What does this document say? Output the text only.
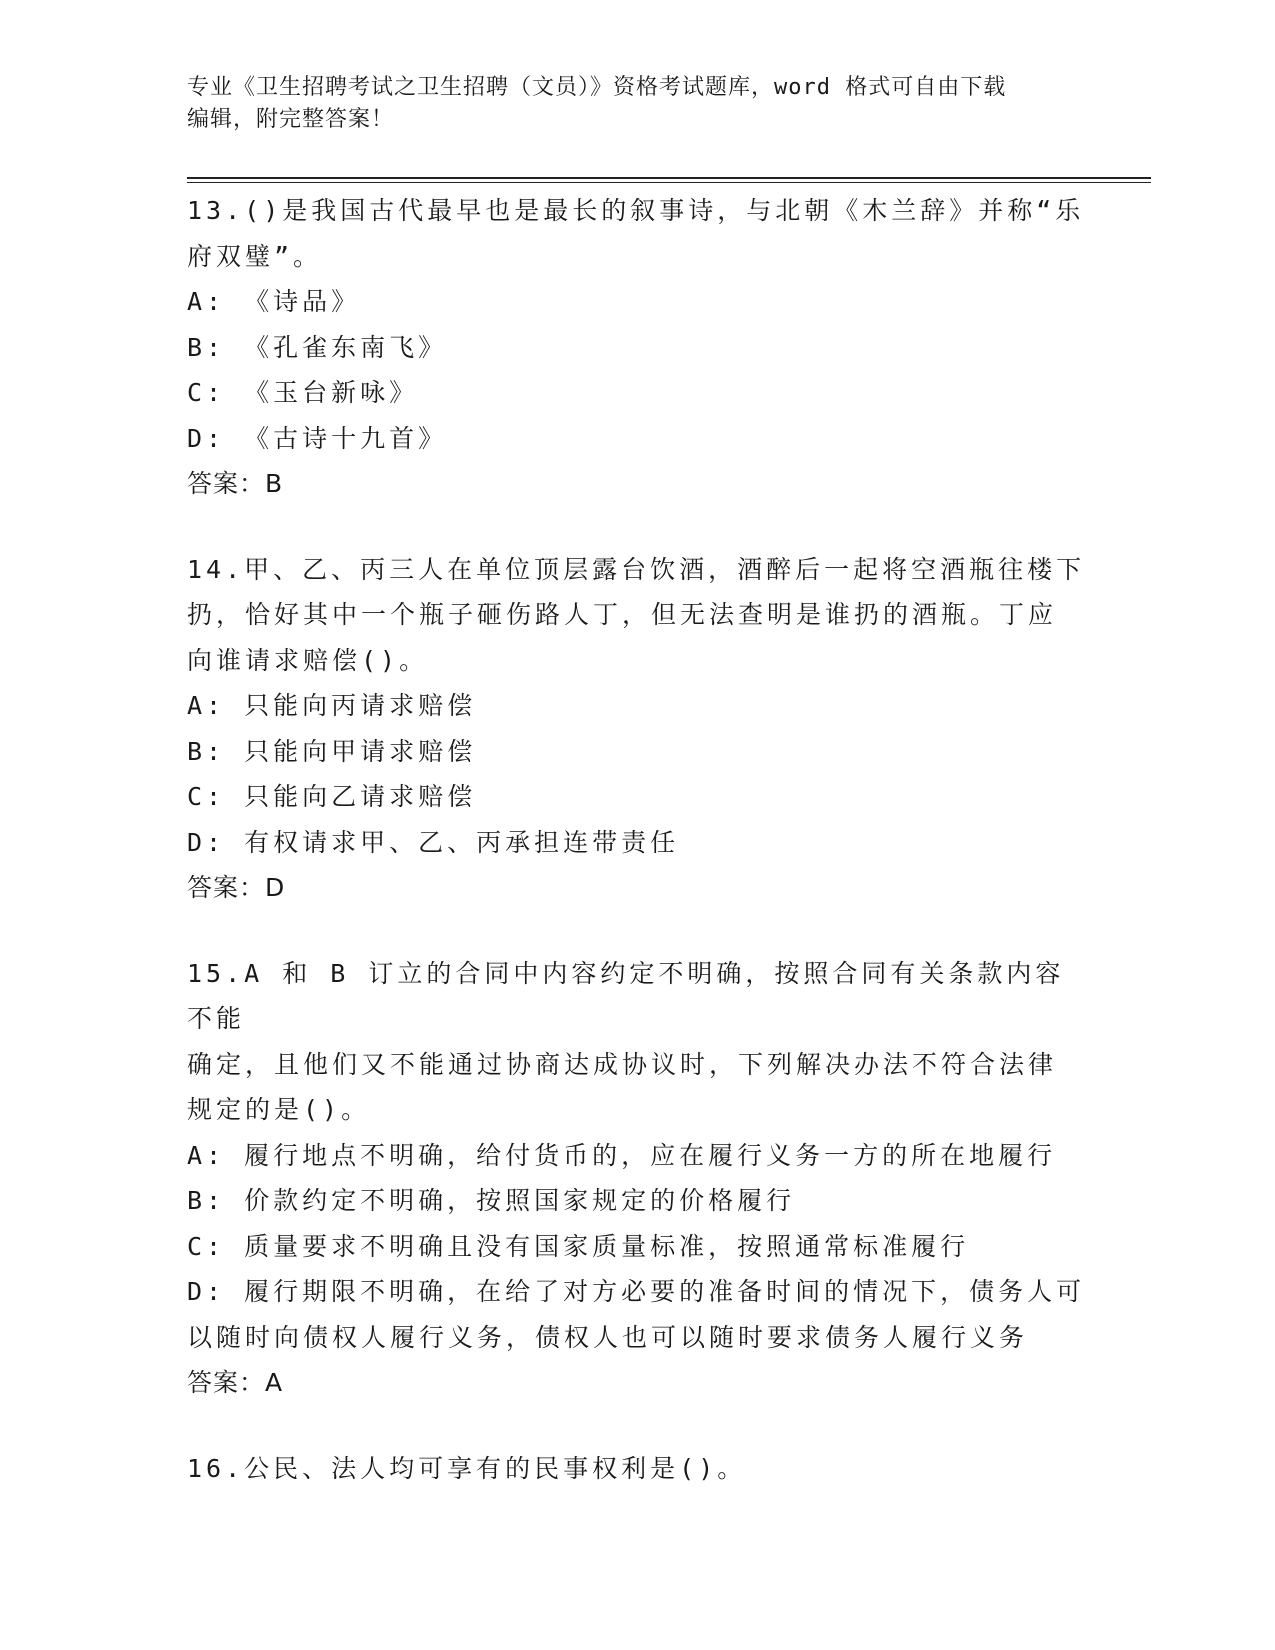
专业《卫生招聘考试之卫生招聘（文员）》资格考试题库，word 格式可自由下载
编辑，附完整答案！
13.()是我国古代最早也是最长的叙事诗，与北朝《木兰辞》并称“乐
府双璧”。
A: 《诗品》
B: 《孔雀东南飞》
C: 《玉台新咏》
D: 《古诗十九首》
答案：B
14.甲、乙、丙三人在单位顶层露台饮酒，酒醉后一起将空酒瓶往楼下
扔，恰好其中一个瓶子砸伤路人丁，但无法查明是谁扔的酒瓶。丁应
向谁请求赔偿()。
A: 只能向丙请求赔偿
B: 只能向甲请求赔偿
C: 只能向乙请求赔偿
D: 有权请求甲、乙、丙承担连带责任
答案：D
15.A 和 B 订立的合同中内容约定不明确，按照合同有关条款内容不能
确定，且他们又不能通过协商达成协议时，下列解决办法不符合法律
规定的是()。
A: 履行地点不明确，给付货币的，应在履行义务一方的所在地履行
B: 价款约定不明确，按照国家规定的价格履行
C: 质量要求不明确且没有国家质量标准，按照通常标准履行
D: 履行期限不明确，在给了对方必要的准备时间的情况下，债务人可
以随时向债权人履行义务，债权人也可以随时要求债务人履行义务
答案：A
16.公民、法人均可享有的民事权利是()。
